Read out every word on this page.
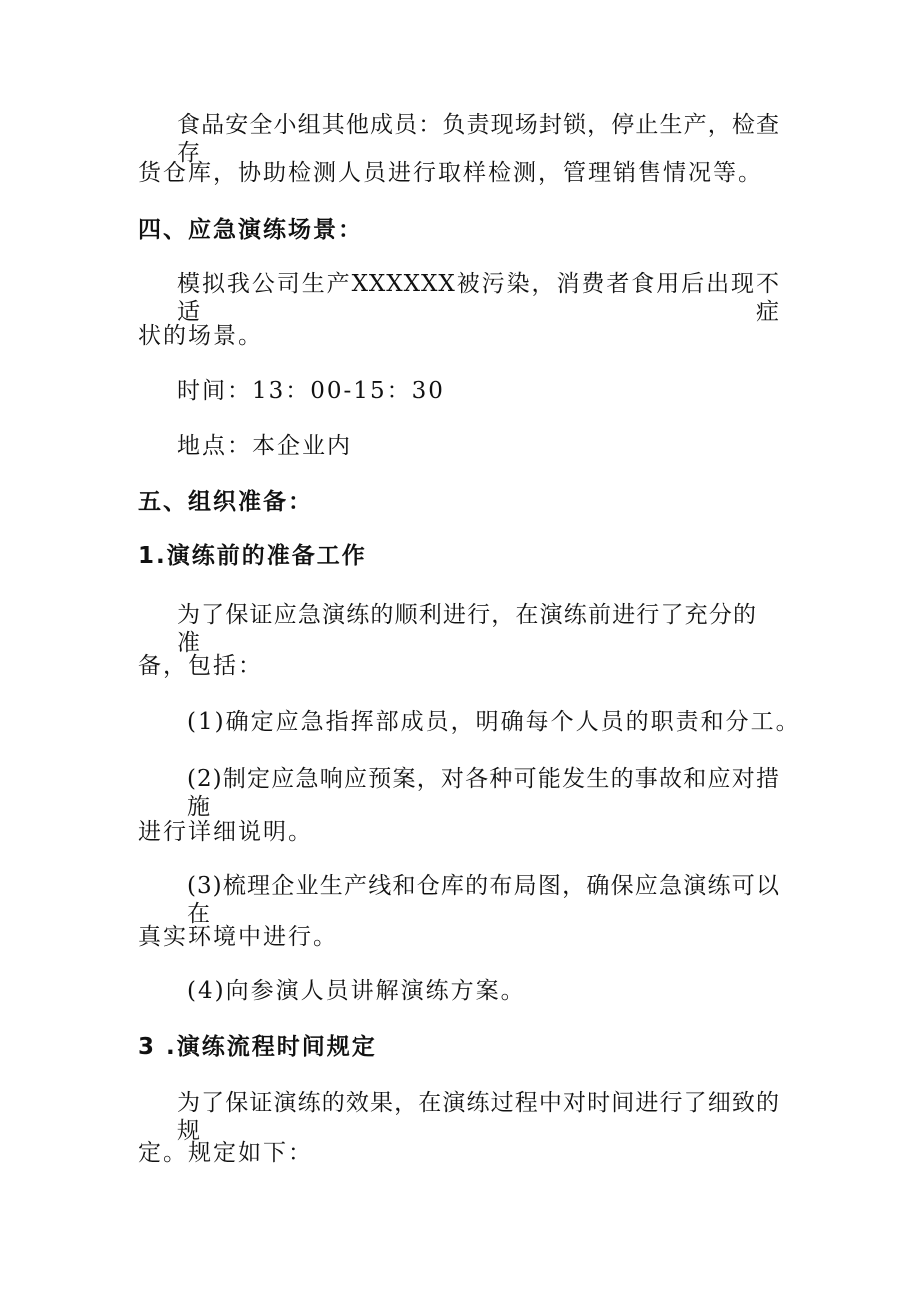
食品安全小组其他成员：负责现场封锁，停止生产，检查存
货仓库，协助检测人员进行取样检测，管理销售情况等。
四、应急演练场景：
模拟我公司生产XXXXXX被污染，消费者食用后出现不适症
状的场景。
时间：13：00-15：30
地点：本企业内
五、组织准备：
1.演练前的准备工作
为了保证应急演练的顺利进行，在演练前进行了充分的准
备，包括：
(1)确定应急指挥部成员，明确每个人员的职责和分工。
(2)制定应急响应预案，对各种可能发生的事故和应对措施
进行详细说明。
(3)梳理企业生产线和仓库的布局图，确保应急演练可以在
真实环境中进行。
(4)向参演人员讲解演练方案。
3 .演练流程时间规定
为了保证演练的效果，在演练过程中对时间进行了细致的规
定。规定如下：
